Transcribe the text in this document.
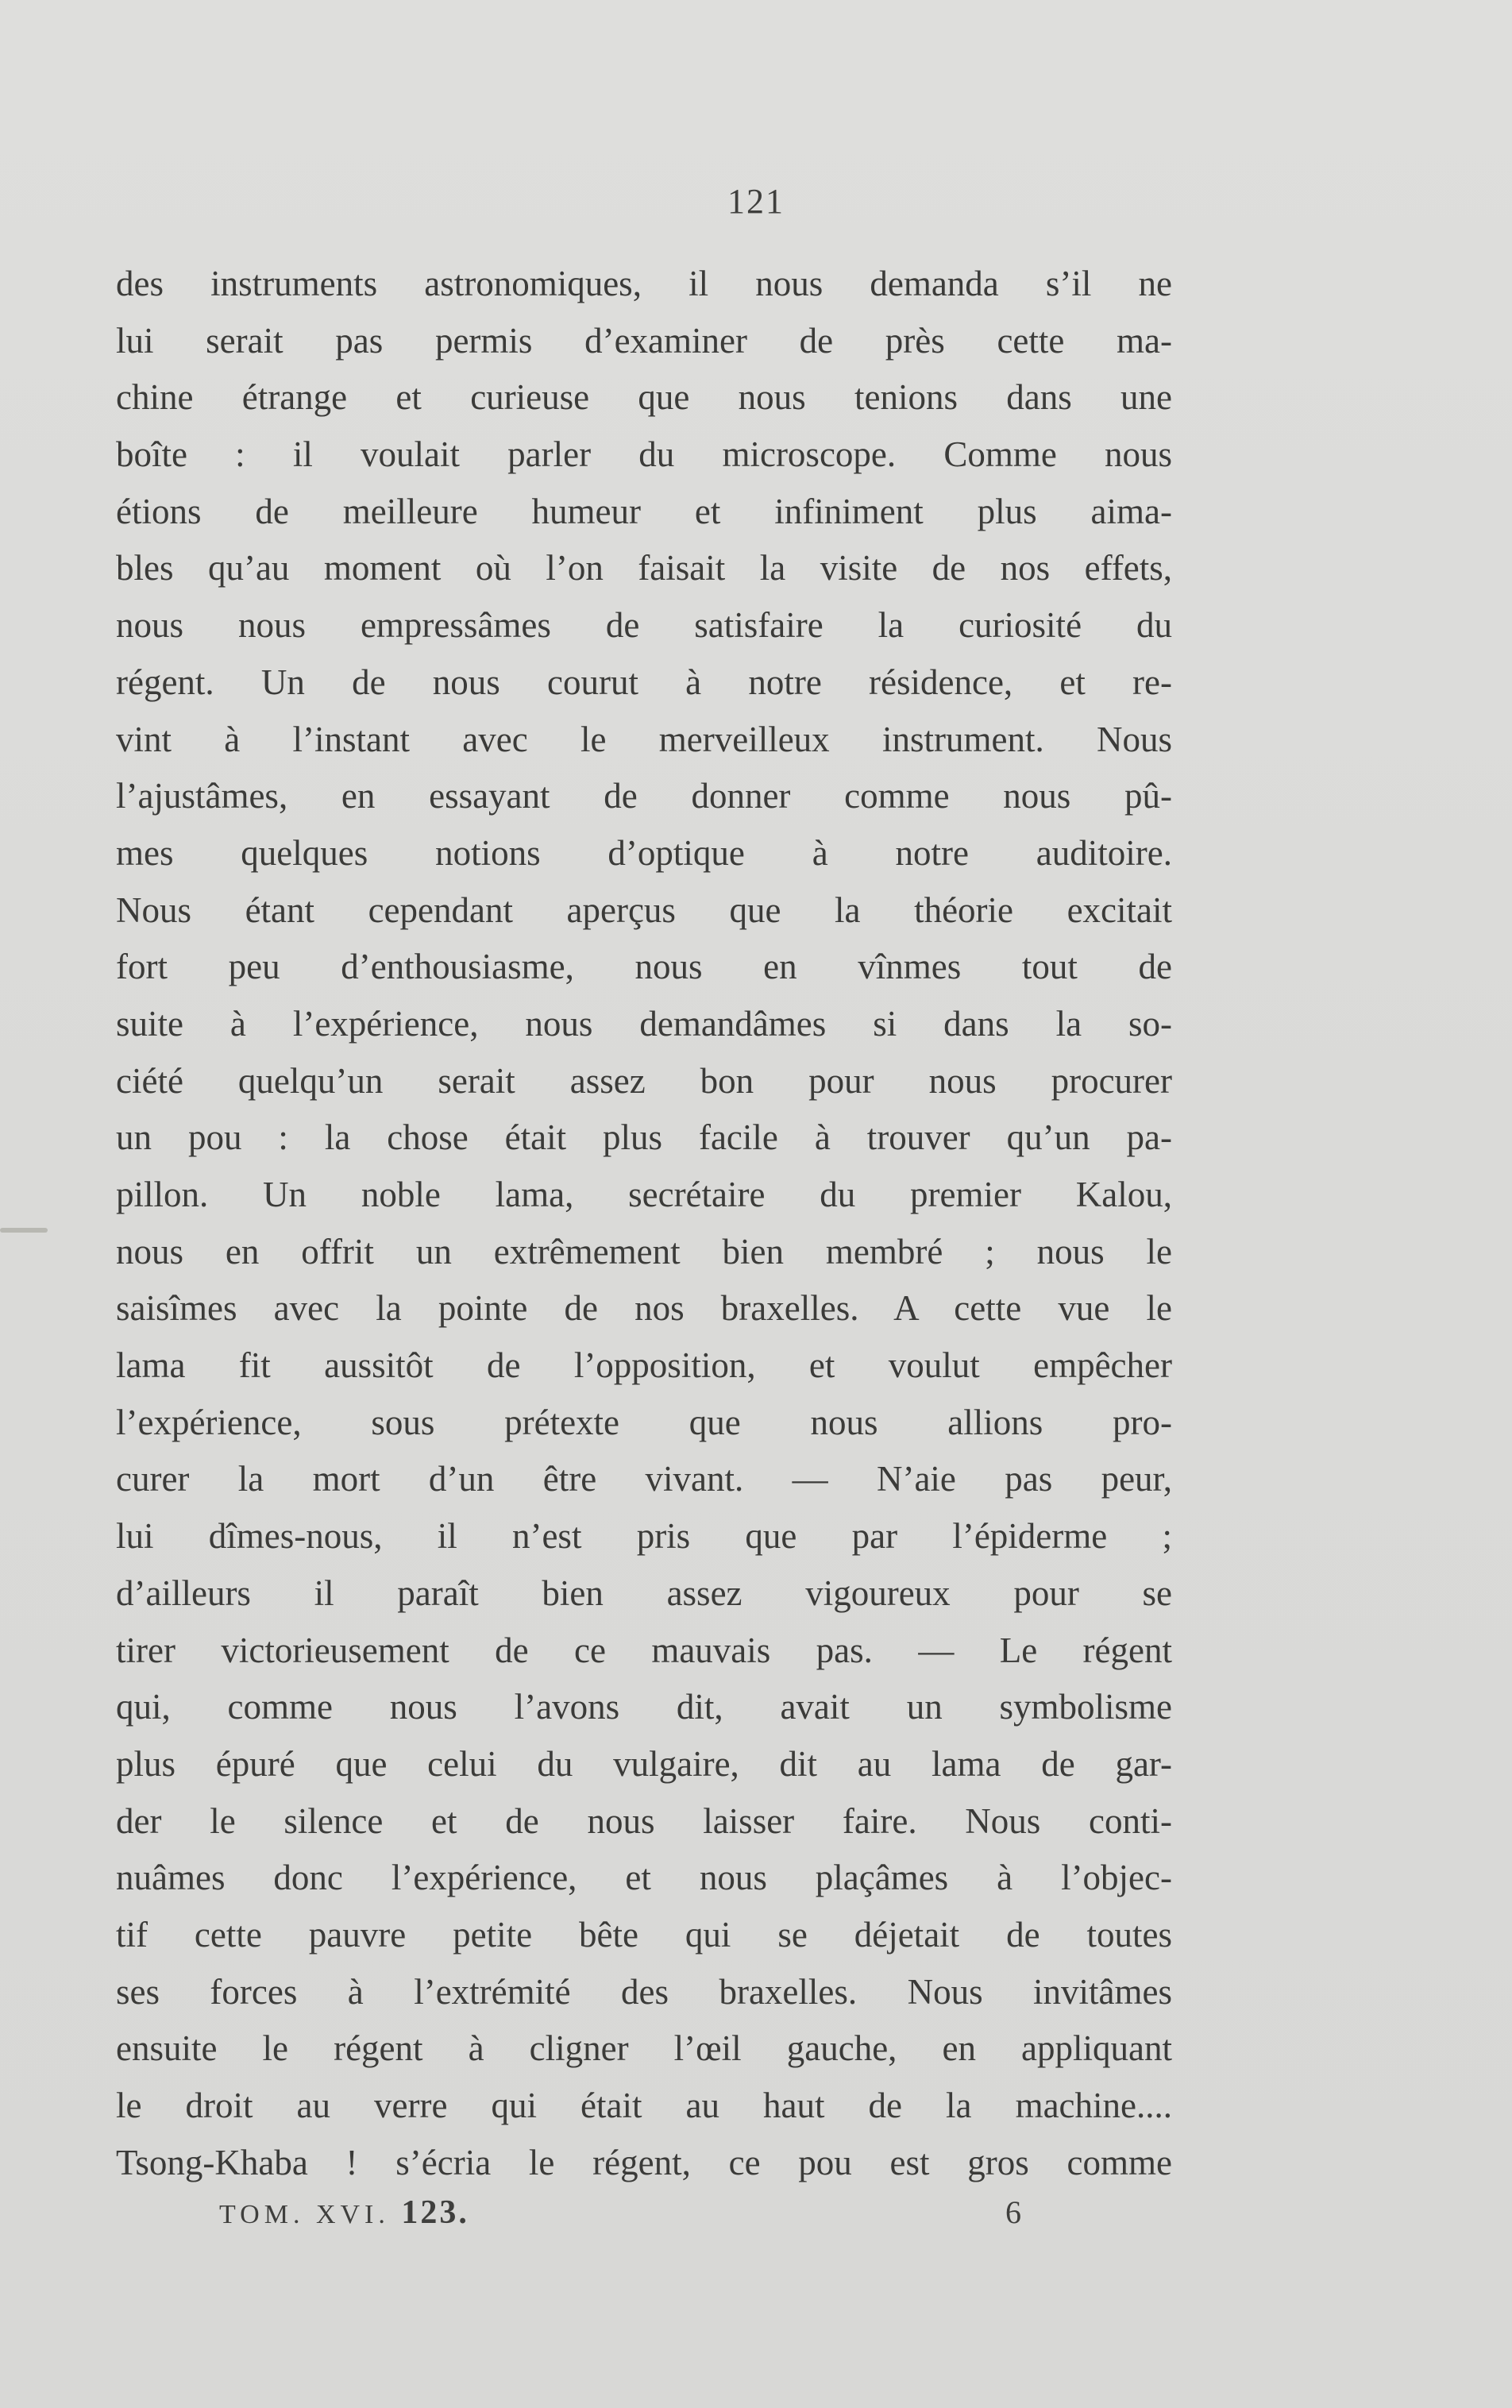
121
des instruments astronomiques, il nous demanda s’il ne
lui serait pas permis d’examiner de près cette ma-
chine étrange et curieuse que nous tenions dans une
boîte : il voulait parler du microscope. Comme nous
étions de meilleure humeur et infiniment plus aima-
bles qu’au moment où l’on faisait la visite de nos effets,
nous nous empressâmes de satisfaire la curiosité du
régent. Un de nous courut à notre résidence, et re-
vint à l’instant avec le merveilleux instrument. Nous
l’ajustâmes, en essayant de donner comme nous pû-
mes quelques notions d’optique à notre auditoire.
Nous étant cependant aperçus que la théorie excitait
fort peu d’enthousiasme, nous en vînmes tout de
suite à l’expérience, nous demandâmes si dans la so-
ciété quelqu’un serait assez bon pour nous procurer
un pou : la chose était plus facile à trouver qu’un pa-
pillon. Un noble lama, secrétaire du premier Kalou,
nous en offrit un extrêmement bien membré ; nous le
saisîmes avec la pointe de nos braxelles. A cette vue le
lama fit aussitôt de l’opposition, et voulut empêcher
l’expérience, sous prétexte que nous allions pro-
curer la mort d’un être vivant. — N’aie pas peur,
lui dîmes-nous, il n’est pris que par l’épiderme ;
d’ailleurs il paraît bien assez vigoureux pour se
tirer victorieusement de ce mauvais pas. — Le régent
qui, comme nous l’avons dit, avait un symbolisme
plus épuré que celui du vulgaire, dit au lama de gar-
der le silence et de nous laisser faire. Nous conti-
nuâmes donc l’expérience, et nous plaçâmes à l’objec-
tif cette pauvre petite bête qui se déjetait de toutes
ses forces à l’extrémité des braxelles. Nous invitâmes
ensuite le régent à cligner l’œil gauche, en appliquant
le droit au verre qui était au haut de la machine....
Tsong-Khaba ! s’écria le régent, ce pou est gros comme
TOM. XVI. 123.	6
